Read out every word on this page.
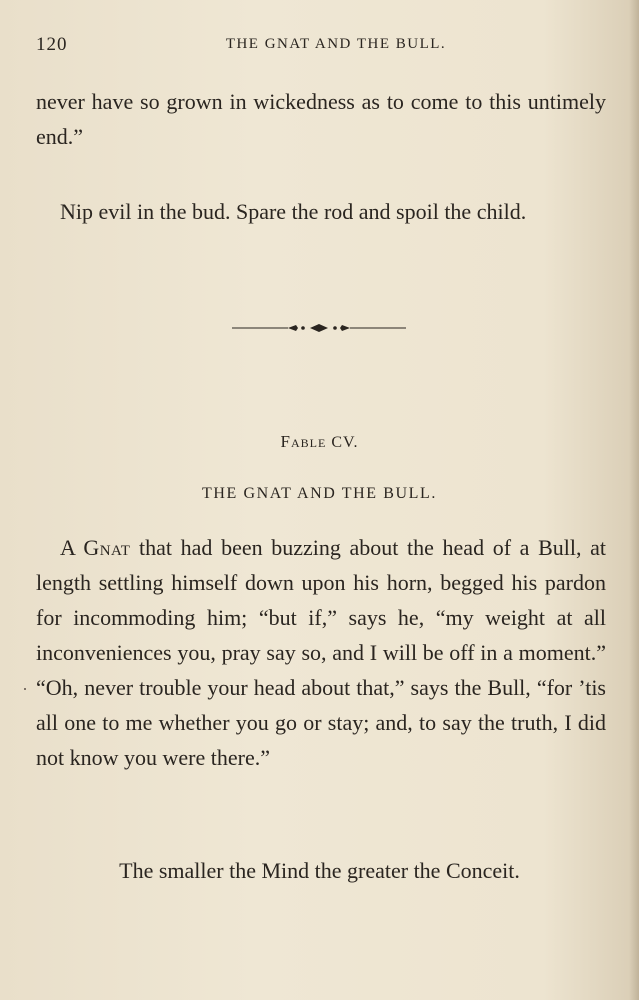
120	THE GNAT AND THE BULL.

never have so grown in wickedness as to come to this untimely end.”

Nip evil in the bud. Spare the rod and spoil the child.

Fable CV.
THE GNAT AND THE BULL.

A Gnat that had been buzzing about the head of a Bull, at length settling himself down upon his horn, begged his pardon for incommoding him; “but if,” says he, “my weight at all inconveniences you, pray say so, and I will be off in a moment.” “Oh, never trouble your head about that,” says the Bull, “for ’tis all one to me whether you go or stay; and, to say the truth, I did not know you were there.”

The smaller the Mind the greater the Conceit.
